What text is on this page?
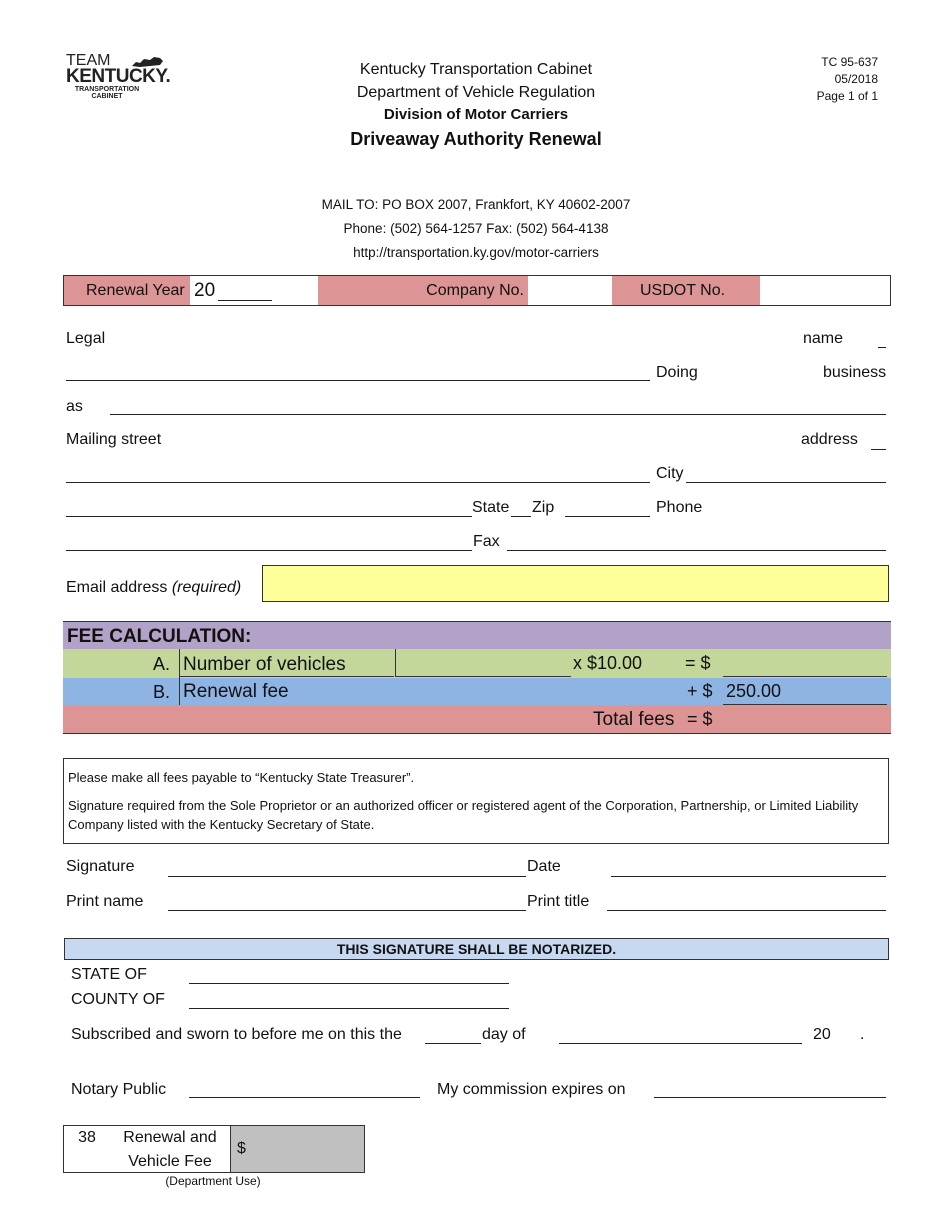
TEAM
KENTUCKY.
TRANSPORTATION
CABINET
Kentucky Transportation Cabinet
Department of Vehicle Regulation
Division of Motor Carriers
Driveaway Authority Renewal
TC 95-637
05/2018
Page 1 of 1
MAIL TO: PO BOX 2007, Frankfort, KY 40602-2007
Phone: (502) 564-1257 Fax: (502) 564-4138
http://transportation.ky.gov/motor-carriers
Renewal Year 20	Company No.	USDOT No.
Legal	name
Doing	business
as
Mailing street	address
City
State Zip	Phone
Fax
Email address (required)
FEE CALCULATION:
A. Number of vehicles	x $10.00 = $
B. Renewal fee	+ $ 250.00
Total fees = $

Please make all fees payable to “Kentucky State Treasurer”.

Signature required from the Sole Proprietor or an authorized officer or registered agent of the Corporation, Partnership, or Limited Liability Company listed with the Kentucky Secretary of State.

Signature	Date
Print name	Print title
THIS SIGNATURE SHALL BE NOTARIZED.
STATE OF
COUNTY OF
Subscribed and sworn to before me on this the	day of	20 .
Notary Public	My commission expires on
38	Renewal and
Vehicle Fee
$
(Department Use)
